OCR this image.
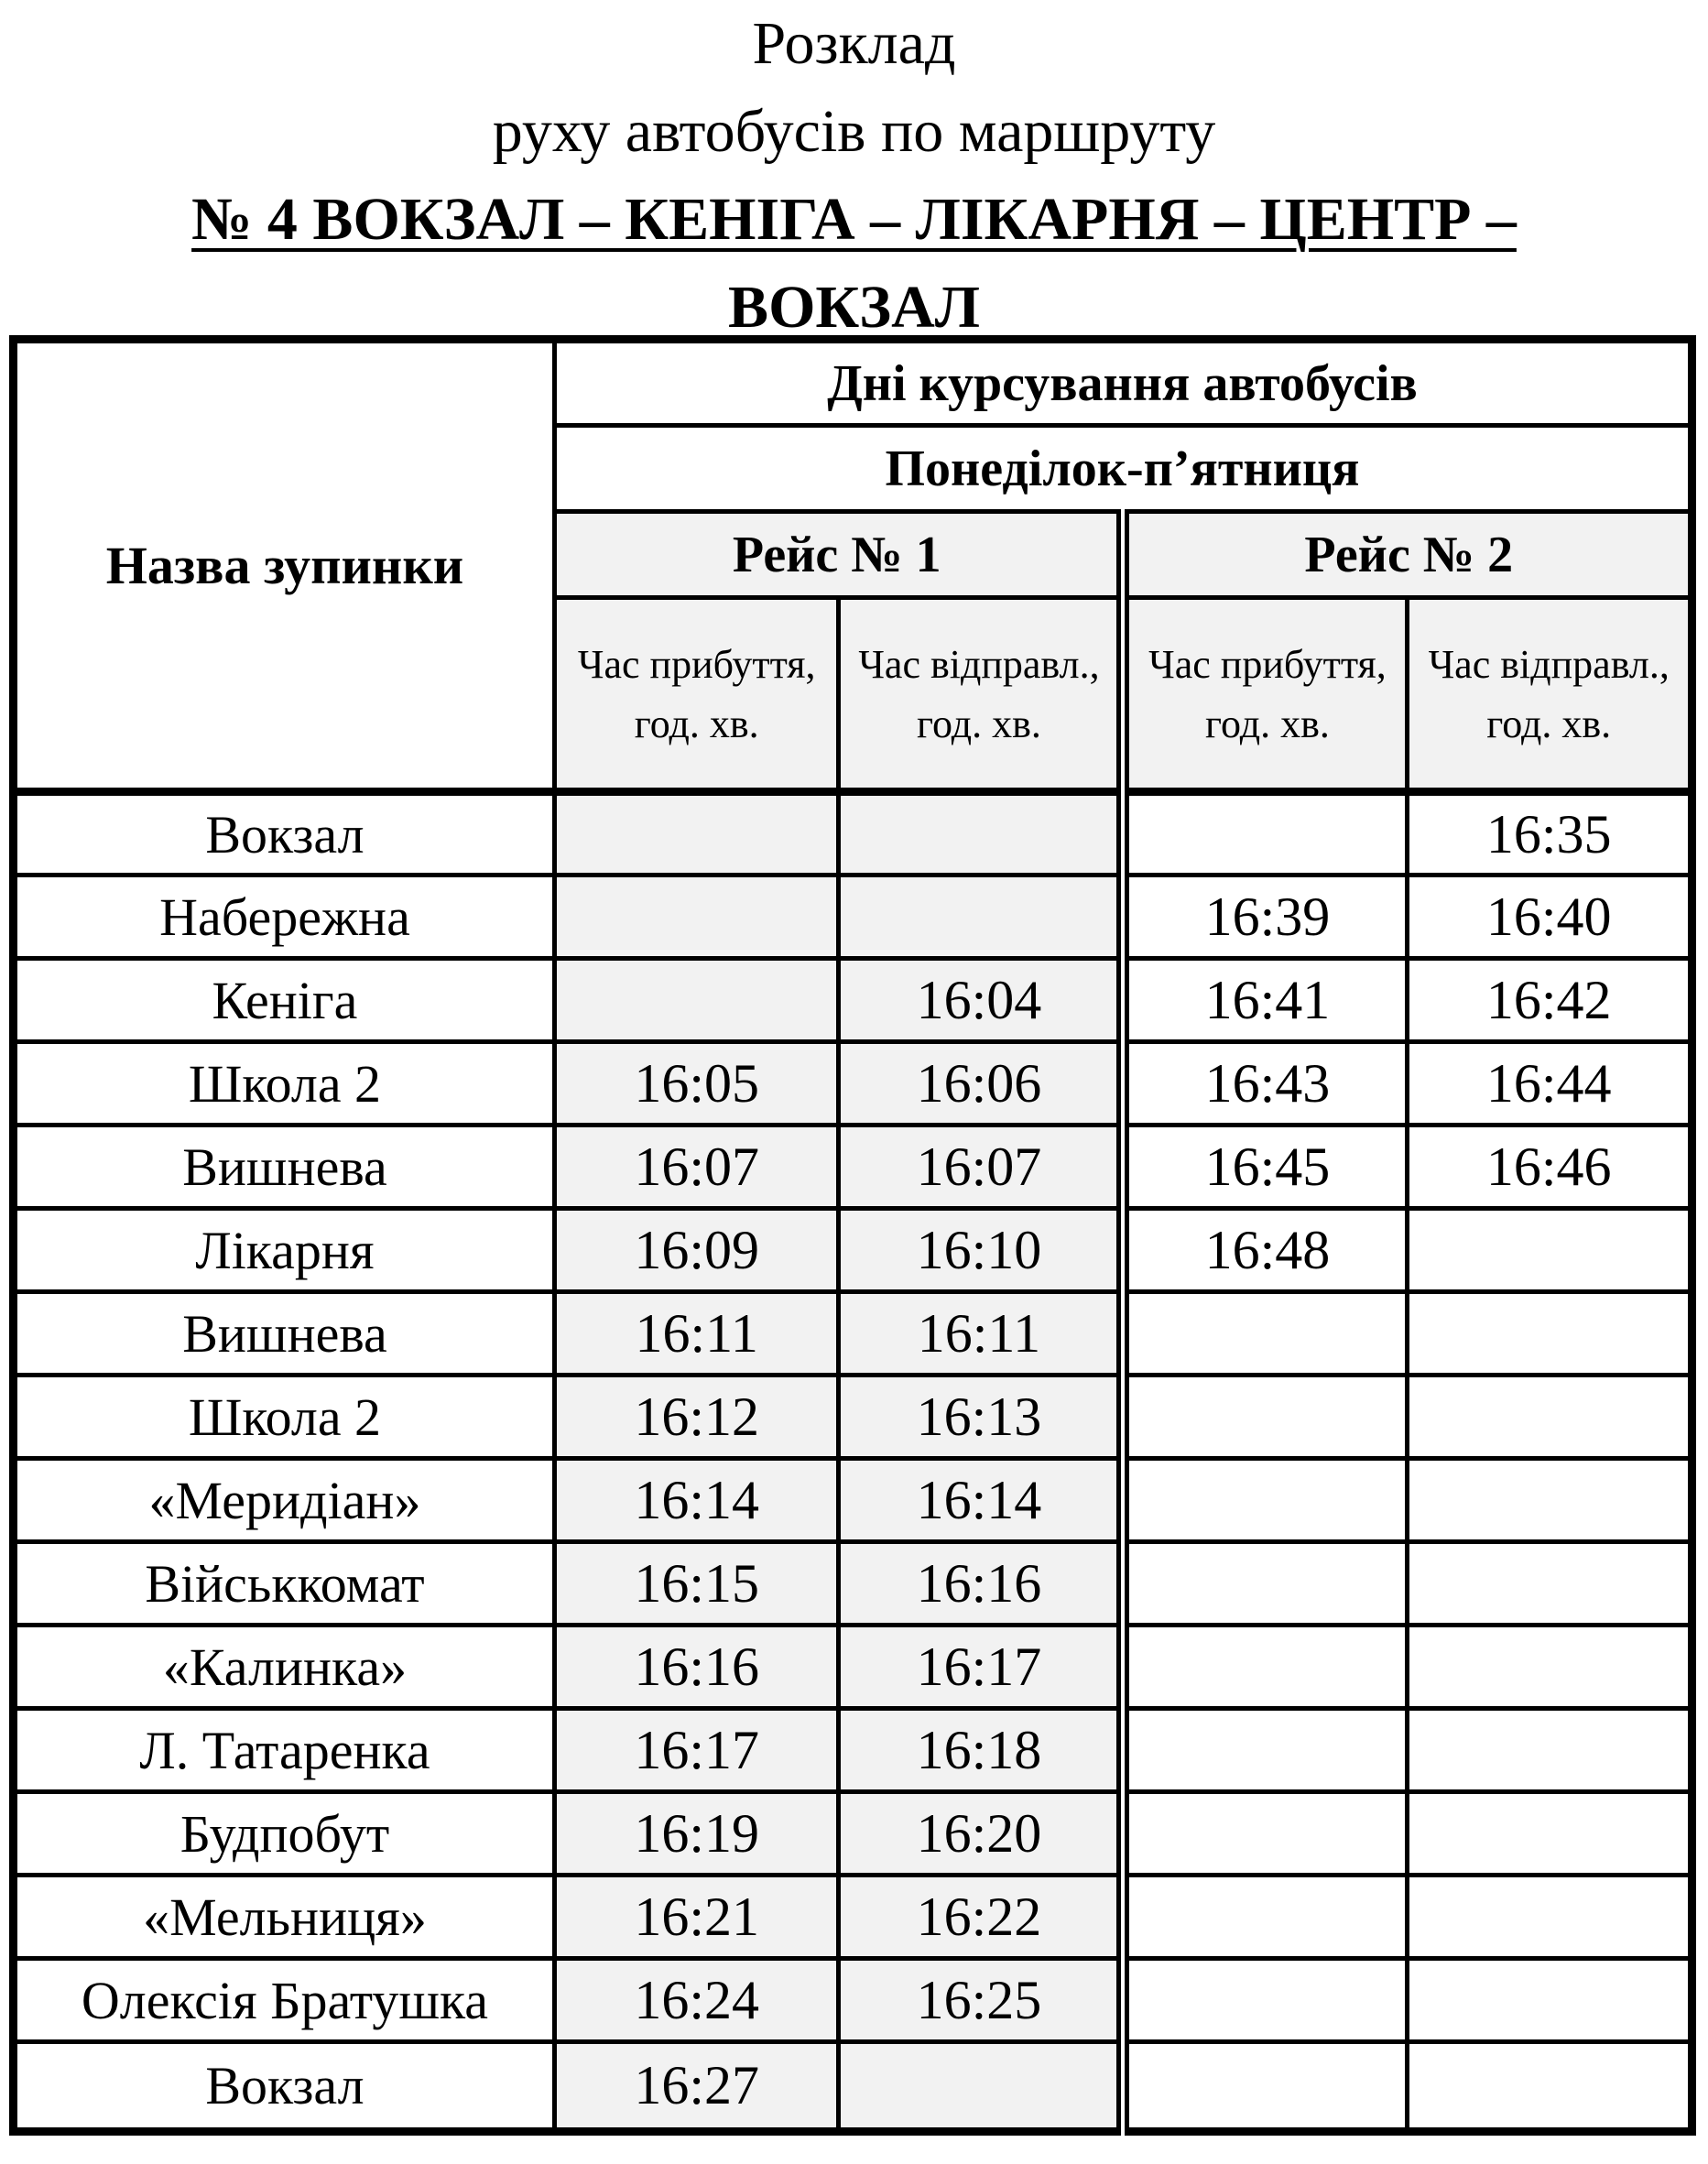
Розклад
руху автобусів по маршруту
№ 4 ВОКЗАЛ – КЕНІГА – ЛІКАРНЯ – ЦЕНТР –
ВОКЗАЛ
Назва зупинки	Дні курсування автобусів			
	Понеділок-п’ятниця			
	Рейс № 1		Рейс № 2	
	Час прибуття, год. хв.	Час відправл., год. хв.	Час прибуття, год. хв.	Час відправл., год. хв.
Вокзал				16:35
Набережна			16:39	16:40
Кеніга		16:04	16:41	16:42
Школа 2	16:05	16:06	16:43	16:44
Вишнева	16:07	16:07	16:45	16:46
Лікарня	16:09	16:10	16:48	
Вишнева	16:11	16:11		
Школа 2	16:12	16:13		
«Меридіан»	16:14	16:14		
Військкомат	16:15	16:16		
«Калинка»	16:16	16:17		
Л. Татаренка	16:17	16:18		
Будпобут	16:19	16:20		
«Мельниця»	16:21	16:22		
Олексія Братушка	16:24	16:25		
Вокзал	16:27			
